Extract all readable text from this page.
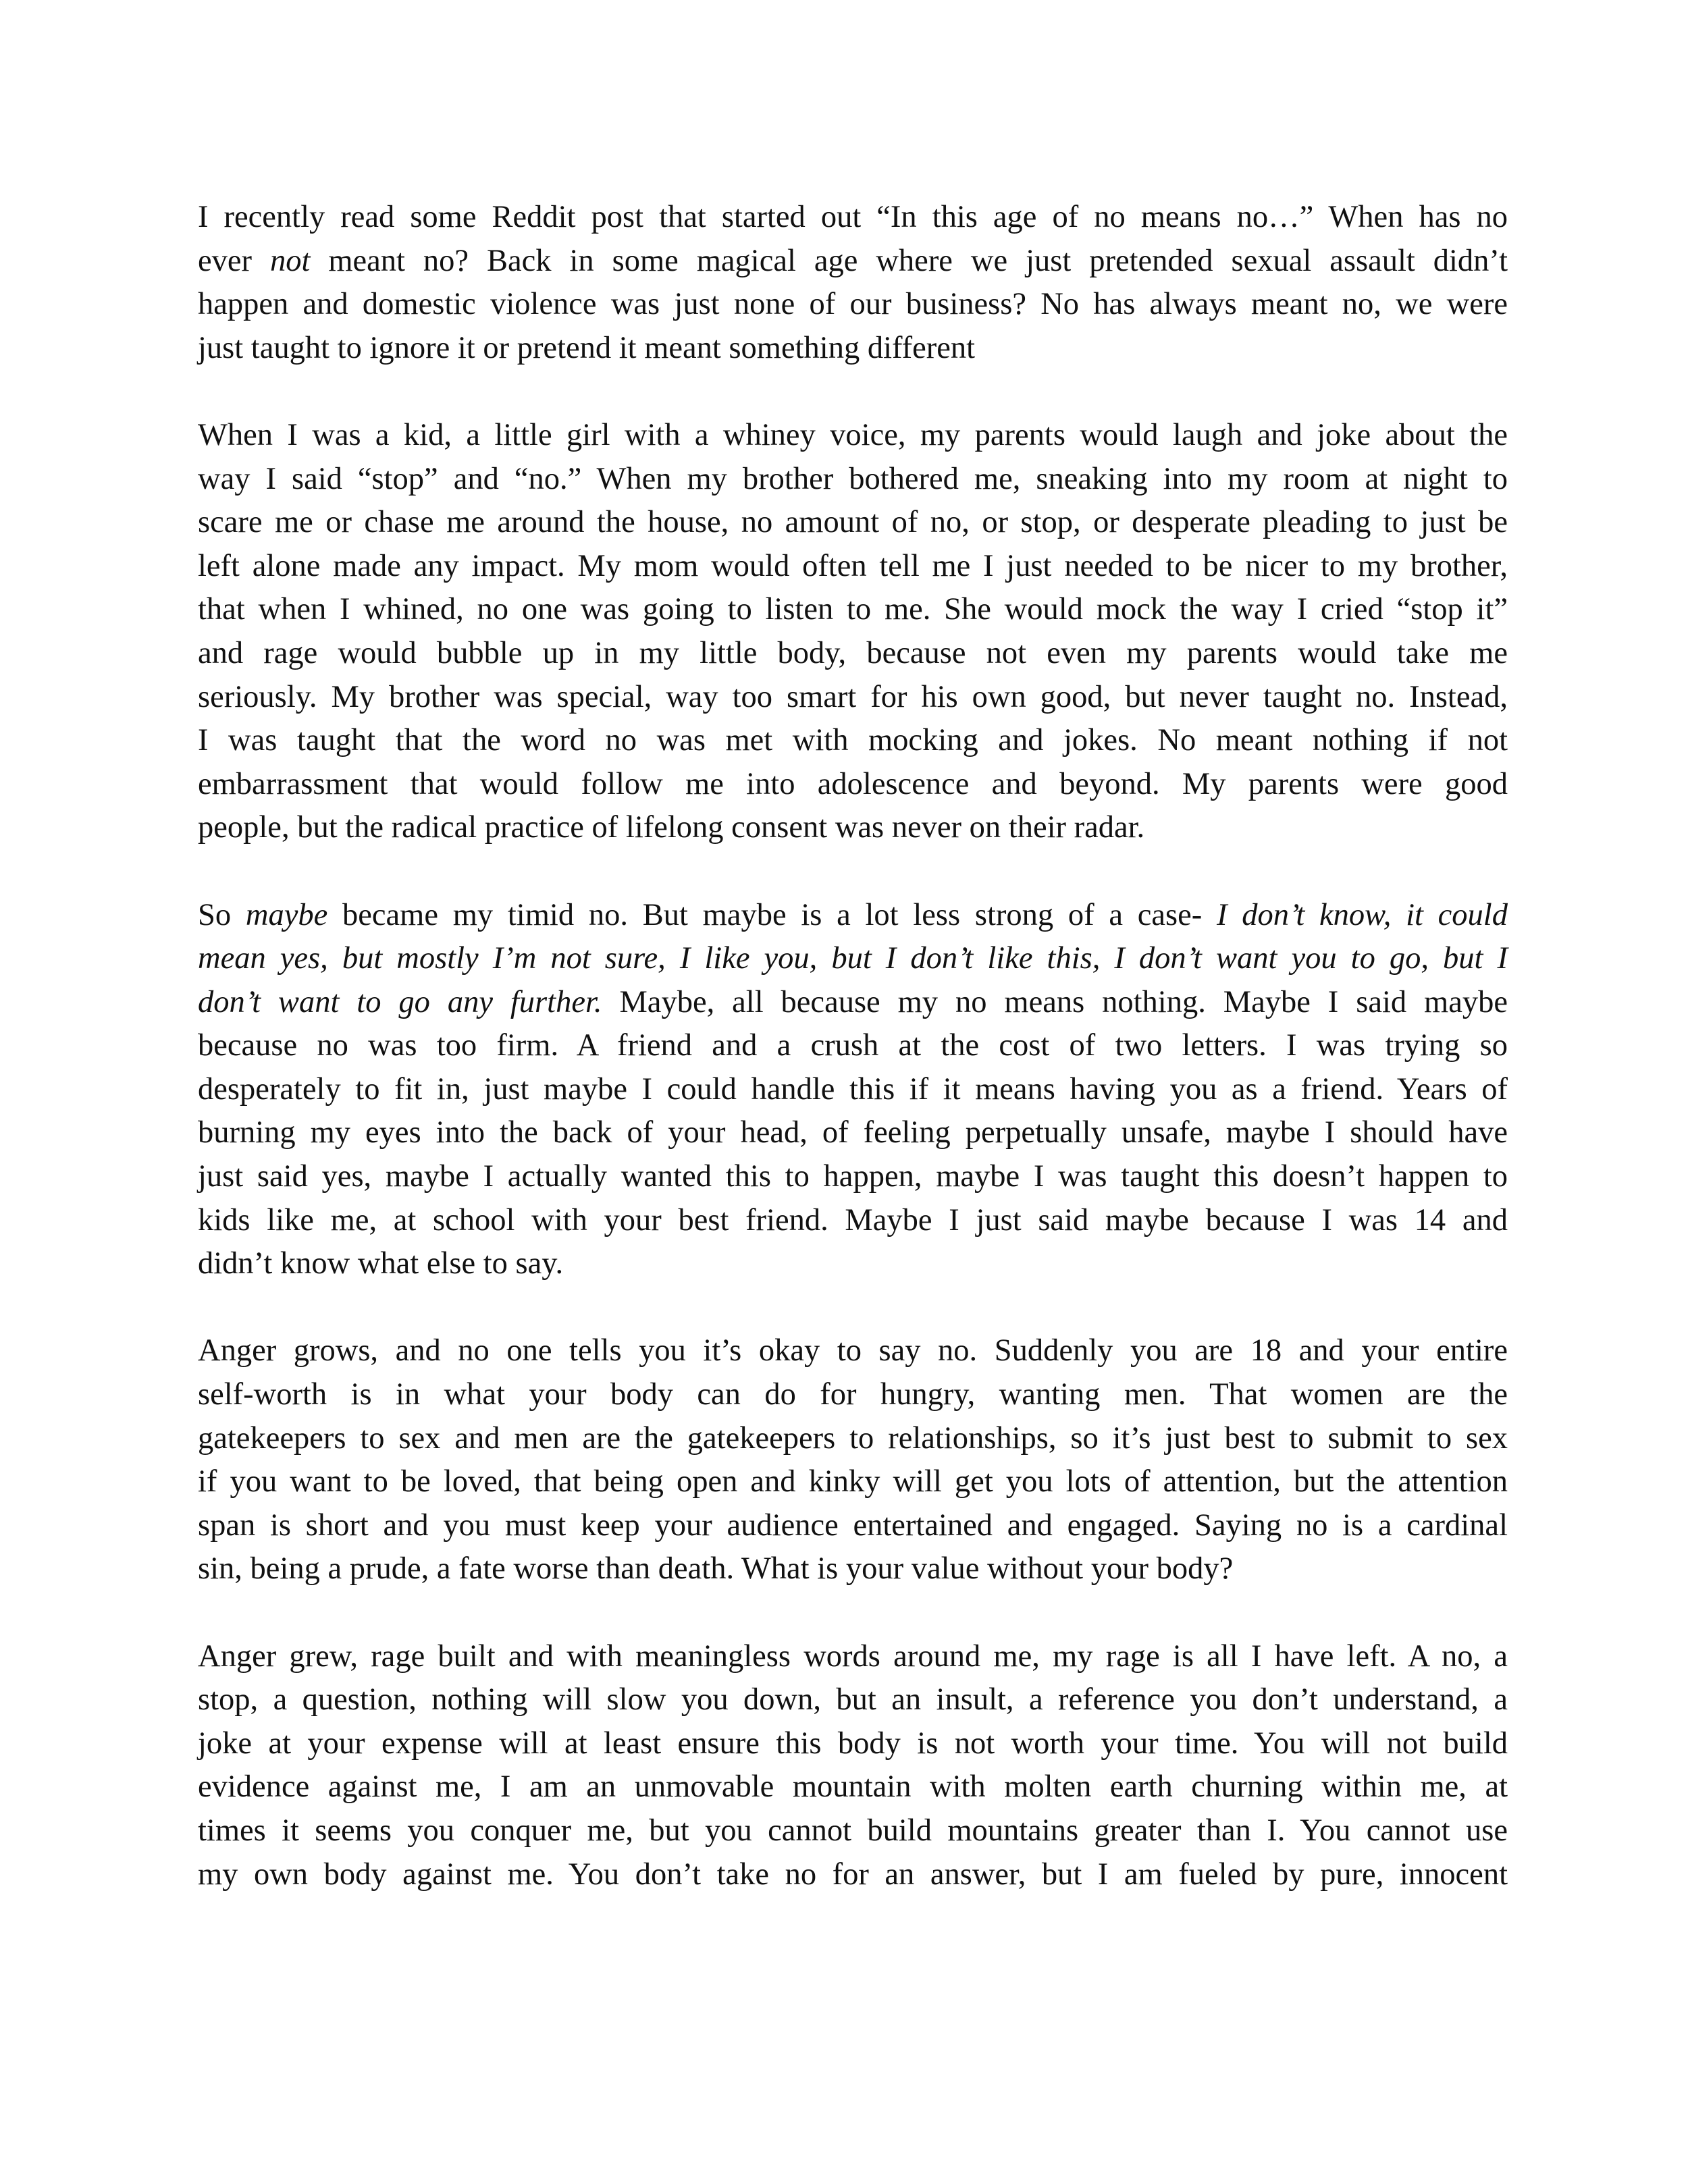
I recently read some Reddit post that started out “In this age of no means no…” When has no
ever not meant no? Back in some magical age where we just pretended sexual assault didn’t
happen and domestic violence was just none of our business? No has always meant no, we were
just taught to ignore it or pretend it meant something different
When I was a kid, a little girl with a whiney voice, my parents would laugh and joke about the
way I said “stop” and “no.” When my brother bothered me, sneaking into my room at night to
scare me or chase me around the house, no amount of no, or stop, or desperate pleading to just be
left alone made any impact. My mom would often tell me I just needed to be nicer to my brother,
that when I whined, no one was going to listen to me. She would mock the way I cried “stop it”
and rage would bubble up in my little body, because not even my parents would take me
seriously. My brother was special, way too smart for his own good, but never taught no. Instead,
I was taught that the word no was met with mocking and jokes. No meant nothing if not
embarrassment that would follow me into adolescence and beyond. My parents were good
people, but the radical practice of lifelong consent was never on their radar.
So maybe became my timid no. But maybe is a lot less strong of a case- I don’t know, it could
mean yes, but mostly I’m not sure, I like you, but I don’t like this, I don’t want you to go, but I
don’t want to go any further. Maybe, all because my no means nothing. Maybe I said maybe
because no was too firm. A friend and a crush at the cost of two letters. I was trying so
desperately to fit in, just maybe I could handle this if it means having you as a friend. Years of
burning my eyes into the back of your head, of feeling perpetually unsafe, maybe I should have
just said yes, maybe I actually wanted this to happen, maybe I was taught this doesn’t happen to
kids like me, at school with your best friend. Maybe I just said maybe because I was 14 and
didn’t know what else to say.
Anger grows, and no one tells you it’s okay to say no. Suddenly you are 18 and your entire
self-worth is in what your body can do for hungry, wanting men. That women are the
gatekeepers to sex and men are the gatekeepers to relationships, so it’s just best to submit to sex
if you want to be loved, that being open and kinky will get you lots of attention, but the attention
span is short and you must keep your audience entertained and engaged. Saying no is a cardinal
sin, being a prude, a fate worse than death. What is your value without your body?
Anger grew, rage built and with meaningless words around me, my rage is all I have left. A no, a
stop, a question, nothing will slow you down, but an insult, a reference you don’t understand, a
joke at your expense will at least ensure this body is not worth your time. You will not build
evidence against me, I am an unmovable mountain with molten earth churning within me, at
times it seems you conquer me, but you cannot build mountains greater than I. You cannot use
my own body against me. You don’t take no for an answer, but I am fueled by pure, innocent
